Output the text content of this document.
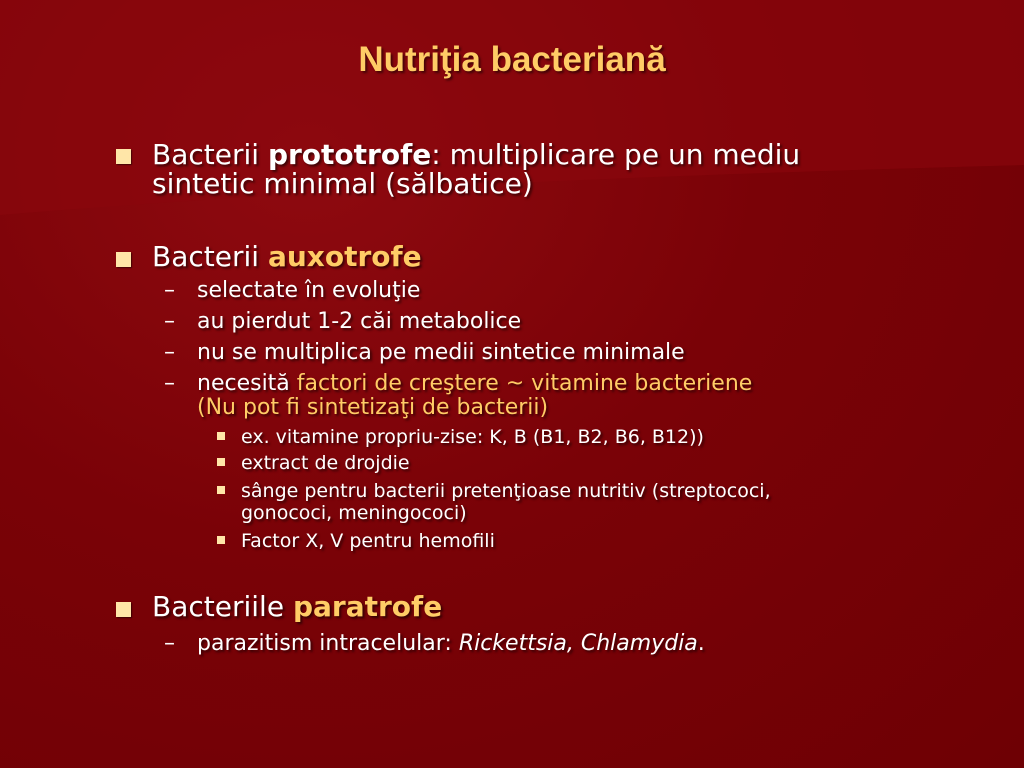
Nutriţia bacteriană
Bacterii prototrofe: multiplicare pe un mediu
sintetic minimal (sălbatice)
Bacterii auxotrofe
– selectate în evoluţie
– au pierdut 1-2 căi metabolice
– nu se multiplica pe medii sintetice minimale
– necesită factori de creştere ~ vitamine bacteriene
(Nu pot fi sintetizaţi de bacterii)
ex. vitamine propriu-zise: K, B (B1, B2, B6, B12))
extract de drojdie
sânge pentru bacterii pretenţioase nutritiv (streptococi,
gonococi, meningococi)
Factor X, V pentru hemofili
Bacteriile paratrofe
– parazitism intracelular: Rickettsia, Chlamydia.
